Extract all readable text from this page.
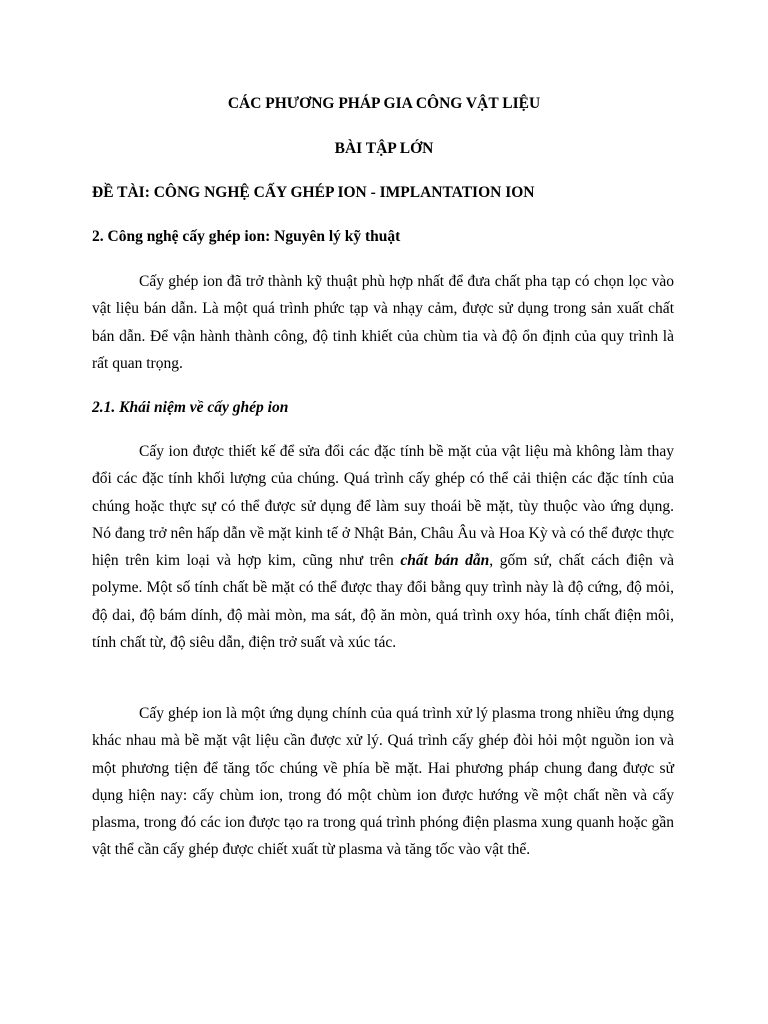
CÁC PHƯƠNG PHÁP GIA CÔNG VẬT LIỆU
BÀI TẬP LỚN
ĐỀ TÀI: CÔNG NGHỆ CẤY GHÉP ION - IMPLANTATION ION
2. Công nghệ cấy ghép ion: Nguyên lý kỹ thuật

Cấy ghép ion đã trở thành kỹ thuật phù hợp nhất để đưa chất pha tạp có chọn lọc vào vật liệu bán dẫn. Là một quá trình phức tạp và nhạy cảm, được sử dụng trong sản xuất chất bán dẫn. Để vận hành thành công, độ tinh khiết của chùm tia và độ ổn định của quy trình là rất quan trọng.

2.1. Khái niệm về cấy ghép ion

Cấy ion được thiết kế để sửa đổi các đặc tính bề mặt của vật liệu mà không làm thay đổi các đặc tính khối lượng của chúng. Quá trình cấy ghép có thể cải thiện các đặc tính của chúng hoặc thực sự có thể được sử dụng để làm suy thoái bề mặt, tùy thuộc vào ứng dụng. Nó đang trở nên hấp dẫn về mặt kinh tế ở Nhật Bản, Châu Âu và Hoa Kỳ và có thể được thực hiện trên kim loại và hợp kim, cũng như trên chất bán dẫn, gốm sứ, chất cách điện và polyme. Một số tính chất bề mặt có thể được thay đổi bằng quy trình này là độ cứng, độ mỏi, độ dai, độ bám dính, độ mài mòn, ma sát, độ ăn mòn, quá trình oxy hóa, tính chất điện môi, tính chất từ, độ siêu dẫn, điện trở suất và xúc tác.

Cấy ghép ion là một ứng dụng chính của quá trình xử lý plasma trong nhiều ứng dụng khác nhau mà bề mặt vật liệu cần được xử lý. Quá trình cấy ghép đòi hỏi một nguồn ion và một phương tiện để tăng tốc chúng về phía bề mặt. Hai phương pháp chung đang được sử dụng hiện nay: cấy chùm ion, trong đó một chùm ion được hướng về một chất nền và cấy plasma, trong đó các ion được tạo ra trong quá trình phóng điện plasma xung quanh hoặc gần vật thể cần cấy ghép được chiết xuất từ plasma và tăng tốc vào vật thể.
